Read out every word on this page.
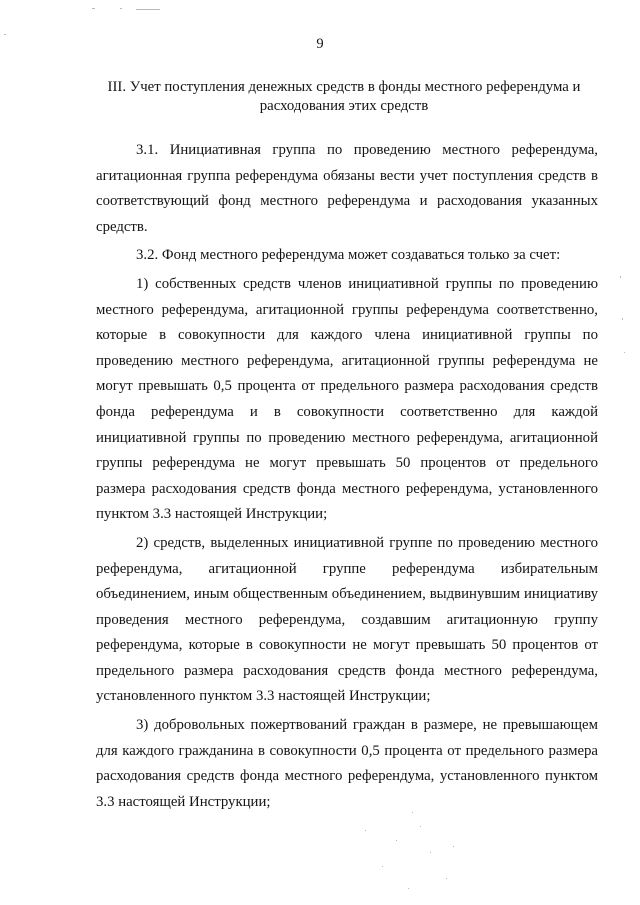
9
III. Учет поступления денежных средств в фонды местного референдума и расходования этих средств

3.1. Инициативная группа по проведению местного референдума, агитационная группа референдума обязаны вести учет поступления средств в соответствующий фонд местного референдума и расходования указанных средств.

3.2. Фонд местного референдума может создаваться только за счет:

1) собственных средств членов инициативной группы по проведению местного референдума, агитационной группы референдума соответственно, которые в совокупности для каждого члена инициативной группы по проведению местного референдума, агитационной группы референдума не могут превышать 0,5 процента от предельного размера расходования средств фонда референдума и в совокупности соответственно для каждой инициативной группы по проведению местного референдума, агитационной группы референдума не могут превышать 50 процентов от предельного размера расходования средств фонда местного референдума, установленного пунктом 3.3 настоящей Инструкции;

2) средств, выделенных инициативной группе по проведению местного референдума, агитационной группе референдума избирательным объединением, иным общественным объединением, выдвинувшим инициативу проведения местного референдума, создавшим агитационную группу референдума, которые в совокупности не могут превышать 50 процентов от предельного размера расходования средств фонда местного референдума, установленного пунктом 3.3 настоящей Инструкции;

3) добровольных пожертвований граждан в размере, не превышающем для каждого гражданина в совокупности 0,5 процента от предельного размера расходования средств фонда местного референдума, установленного пунктом 3.3 настоящей Инструкции;
